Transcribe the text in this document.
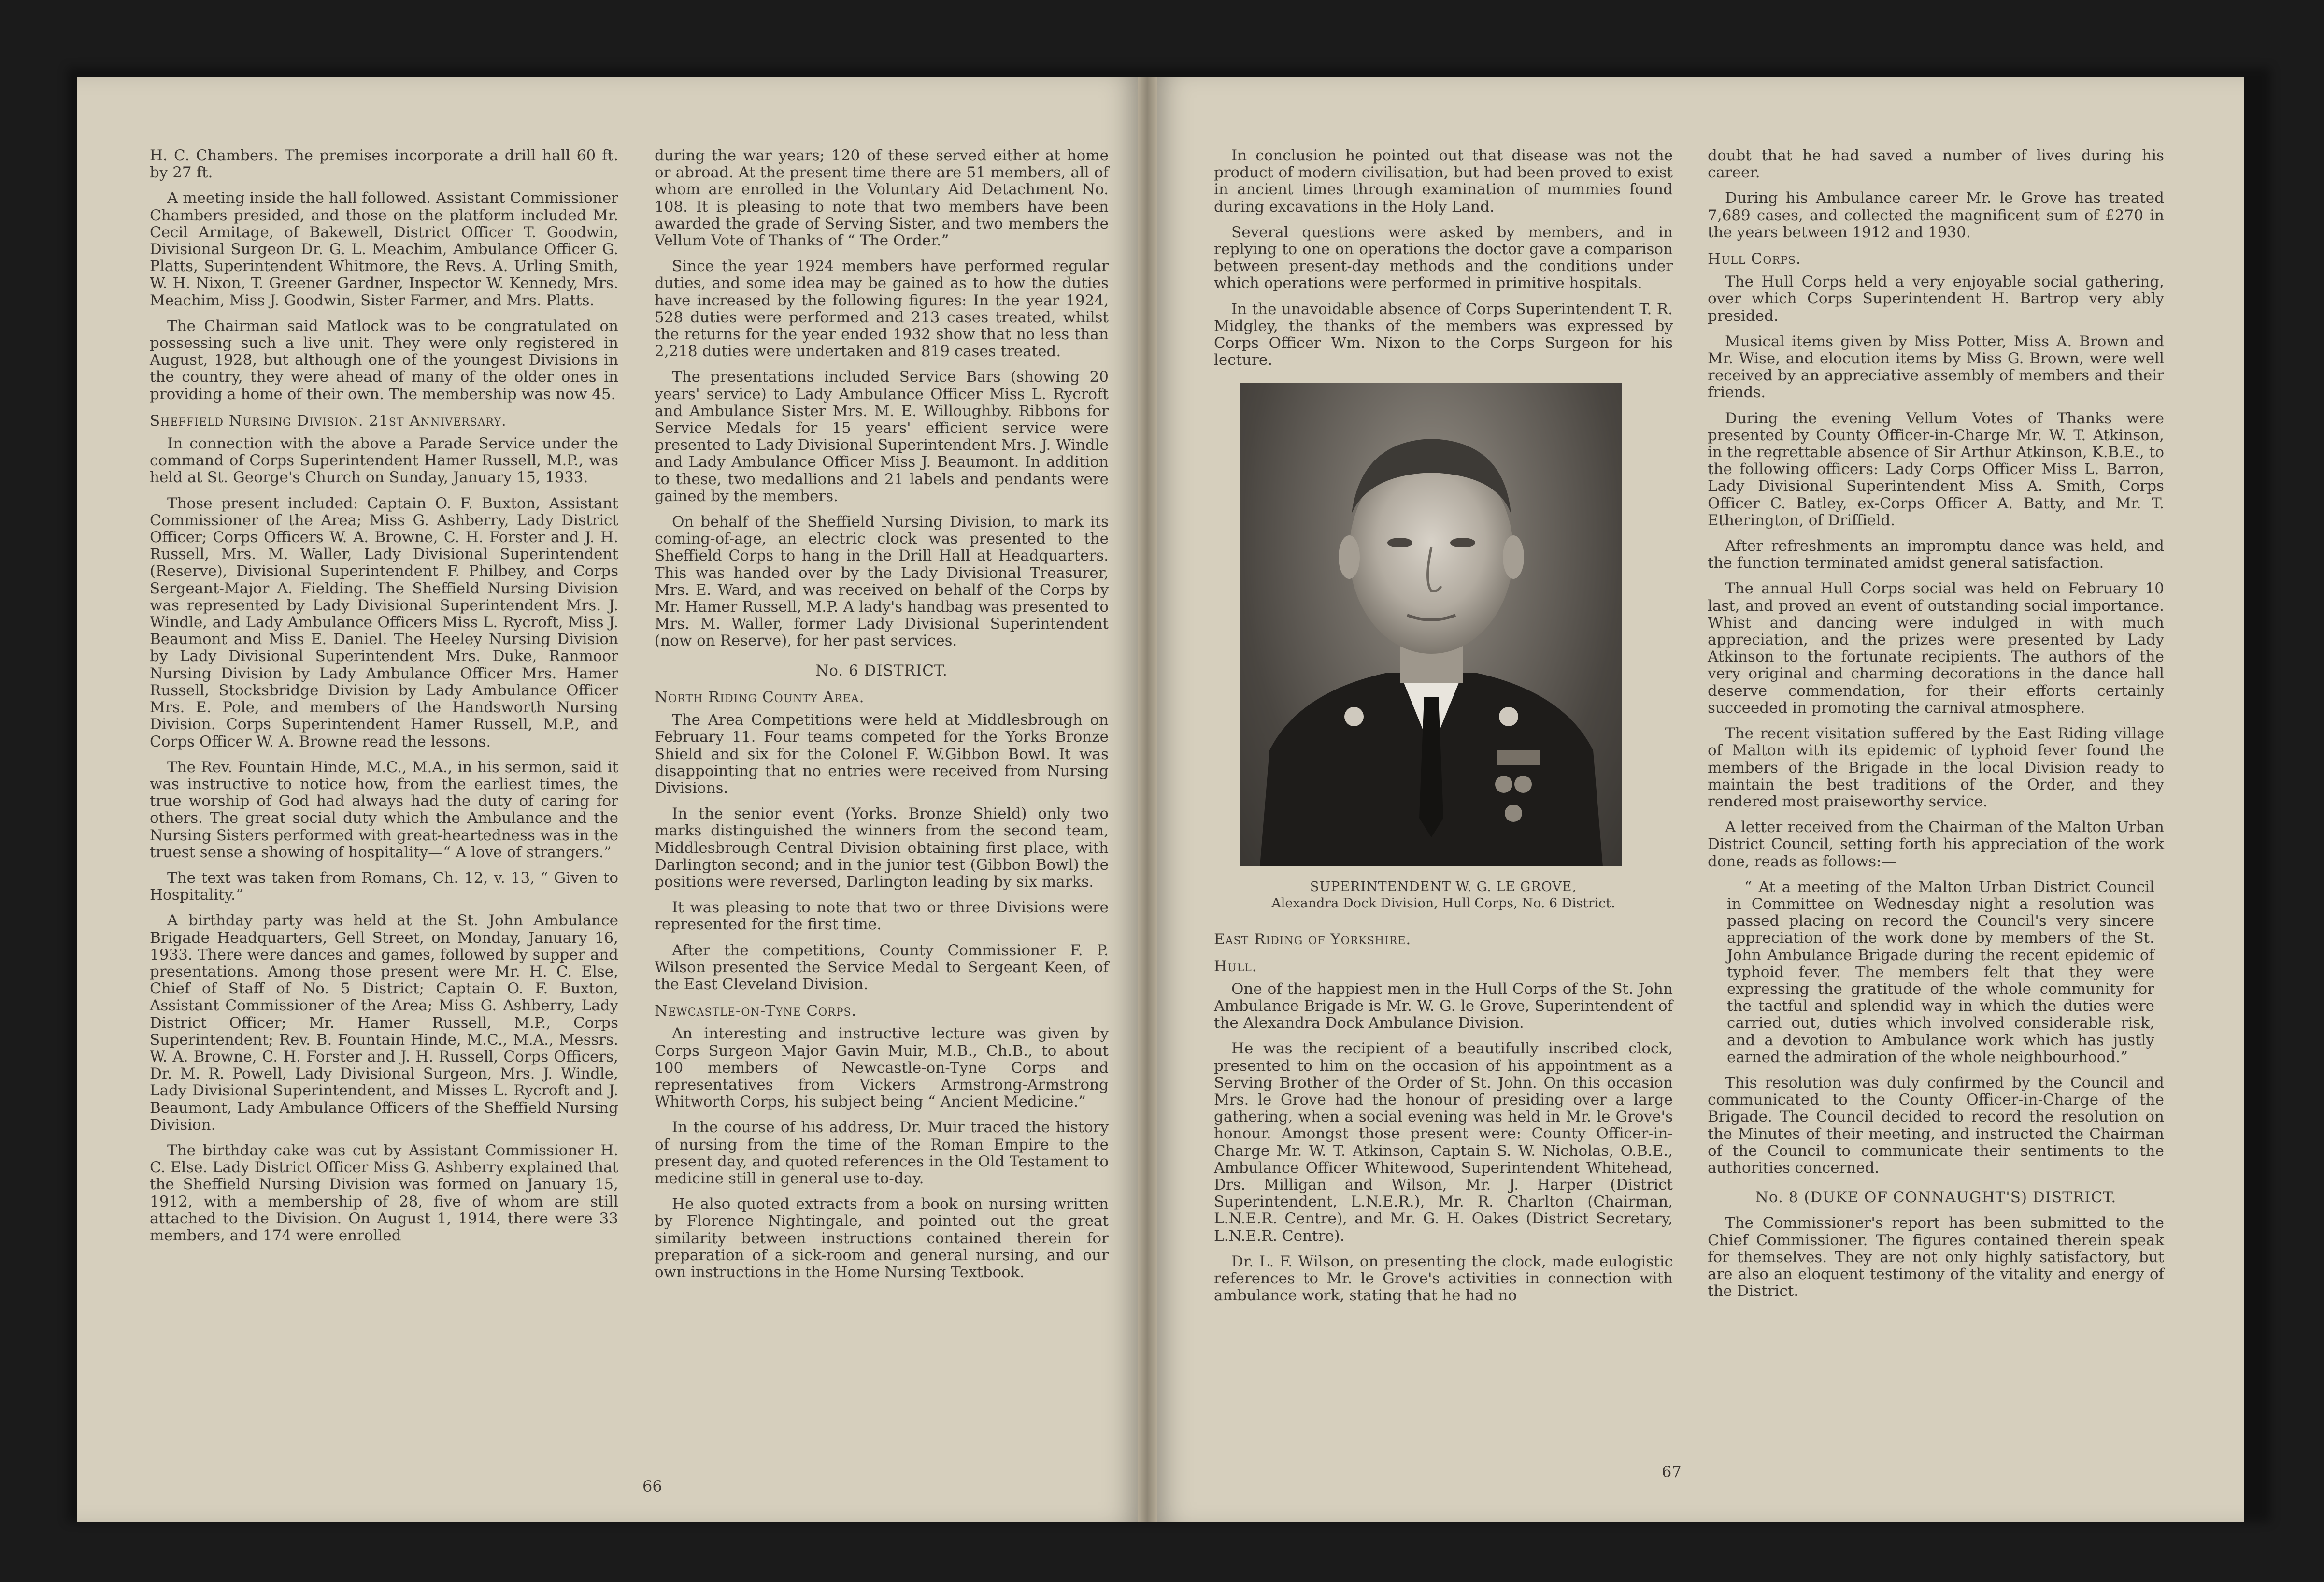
H. C. Chambers. The premises incorporate a drill hall 60 ft. by 27 ft.

A meeting inside the hall followed. Assistant Commissioner Chambers presided, and those on the platform included Mr. Cecil Armitage, of Bakewell, District Officer T. Goodwin, Divisional Surgeon Dr. G. L. Meachim, Ambulance Officer G. Platts, Superintendent Whitmore, the Revs. A. Urling Smith, W. H. Nixon, T. Greener Gardner, Inspector W. Kennedy, Mrs. Meachim, Miss J. Goodwin, Sister Farmer, and Mrs. Platts.

The Chairman said Matlock was to be congratulated on possessing such a live unit. They were only registered in August, 1928, but although one of the youngest Divisions in the country, they were ahead of many of the older ones in providing a home of their own. The membership was now 45.

Sheffield Nursing Division. 21st Anniversary.

In connection with the above a Parade Service under the command of Corps Superintendent Hamer Russell, M.P., was held at St. George's Church on Sunday, January 15, 1933.

Those present included: Captain O. F. Buxton, Assistant Commissioner of the Area; Miss G. Ashberry, Lady District Officer; Corps Officers W. A. Browne, C. H. Forster and J. H. Russell, Mrs. M. Waller, Lady Divisional Superintendent (Reserve), Divisional Superintendent F. Philbey, and Corps Sergeant-Major A. Fielding. The Sheffield Nursing Division was represented by Lady Divisional Superintendent Mrs. J. Windle, and Lady Ambulance Officers Miss L. Rycroft, Miss J. Beaumont and Miss E. Daniel. The Heeley Nursing Division by Lady Divisional Superintendent Mrs. Duke, Ranmoor Nursing Division by Lady Ambulance Officer Mrs. Hamer Russell, Stocksbridge Division by Lady Ambulance Officer Mrs. E. Pole, and members of the Handsworth Nursing Division. Corps Superintendent Hamer Russell, M.P., and Corps Officer W. A. Browne read the lessons.

The Rev. Fountain Hinde, M.C., M.A., in his sermon, said it was instructive to notice how, from the earliest times, the true worship of God had always had the duty of caring for others. The great social duty which the Ambulance and the Nursing Sisters performed with great-heartedness was in the truest sense a showing of hospitality—“ A love of strangers.”

The text was taken from Romans, Ch. 12, v. 13, “ Given to Hospitality.”

A birthday party was held at the St. John Ambulance Brigade Headquarters, Gell Street, on Monday, January 16, 1933. There were dances and games, followed by supper and presentations. Among those present were Mr. H. C. Else, Chief of Staff of No. 5 District; Captain O. F. Buxton, Assistant Commissioner of the Area; Miss G. Ashberry, Lady District Officer; Mr. Hamer Russell, M.P., Corps Superintendent; Rev. B. Fountain Hinde, M.C., M.A., Messrs. W. A. Browne, C. H. Forster and J. H. Russell, Corps Officers, Dr. M. R. Powell, Lady Divisional Surgeon, Mrs. J. Windle, Lady Divisional Superintendent, and Misses L. Rycroft and J. Beaumont, Lady Ambulance Officers of the Sheffield Nursing Division.

The birthday cake was cut by Assistant Commissioner H. C. Else. Lady District Officer Miss G. Ashberry explained that the Sheffield Nursing Division was formed on January 15, 1912, with a membership of 28, five of whom are still attached to the Division. On August 1, 1914, there were 33 members, and 174 were enrolled

during the war years; 120 of these served either at home or abroad. At the present time there are 51 members, all of whom are enrolled in the Voluntary Aid Detachment No. 108. It is pleasing to note that two members have been awarded the grade of Serving Sister, and two members the Vellum Vote of Thanks of “ The Order.”

Since the year 1924 members have performed regular duties, and some idea may be gained as to how the duties have increased by the following figures: In the year 1924, 528 duties were performed and 213 cases treated, whilst the returns for the year ended 1932 show that no less than 2,218 duties were undertaken and 819 cases treated.

The presentations included Service Bars (showing 20 years' service) to Lady Ambulance Officer Miss L. Rycroft and Ambulance Sister Mrs. M. E. Willoughby. Ribbons for Service Medals for 15 years' efficient service were presented to Lady Divisional Superintendent Mrs. J. Windle and Lady Ambulance Officer Miss J. Beaumont. In addition to these, two medallions and 21 labels and pendants were gained by the members.

On behalf of the Sheffield Nursing Division, to mark its coming-of-age, an electric clock was presented to the Sheffield Corps to hang in the Drill Hall at Headquarters. This was handed over by the Lady Divisional Treasurer, Mrs. E. Ward, and was received on behalf of the Corps by Mr. Hamer Russell, M.P. A lady's handbag was presented to Mrs. M. Waller, former Lady Divisional Superintendent (now on Reserve), for her past services.

No. 6 DISTRICT.

North Riding County Area.

The Area Competitions were held at Middlesbrough on February 11. Four teams competed for the Yorks Bronze Shield and six for the Colonel F. W.Gibbon Bowl. It was disappointing that no entries were received from Nursing Divisions.

In the senior event (Yorks. Bronze Shield) only two marks distinguished the winners from the second team, Middlesbrough Central Division obtaining first place, with Darlington second; and in the junior test (Gibbon Bowl) the positions were reversed, Darlington leading by six marks.

It was pleasing to note that two or three Divisions were represented for the first time.

After the competitions, County Commissioner F. P. Wilson presented the Service Medal to Sergeant Keen, of the East Cleveland Division.

Newcastle-on-Tyne Corps.

An interesting and instructive lecture was given by Corps Surgeon Major Gavin Muir, M.B., Ch.B., to about 100 members of Newcastle-on-Tyne Corps and representatives from Vickers Armstrong-Armstrong Whitworth Corps, his subject being “ Ancient Medicine.”

In the course of his address, Dr. Muir traced the history of nursing from the time of the Roman Empire to the present day, and quoted references in the Old Testament to medicine still in general use to-day.

He also quoted extracts from a book on nursing written by Florence Nightingale, and pointed out the great similarity between instructions contained therein for preparation of a sick-room and general nursing, and our own instructions in the Home Nursing Textbook.

66

In conclusion he pointed out that disease was not the product of modern civilisation, but had been proved to exist in ancient times through examination of mummies found during excavations in the Holy Land.

Several questions were asked by members, and in replying to one on operations the doctor gave a comparison between present-day methods and the conditions under which operations were performed in primitive hospitals.

In the unavoidable absence of Corps Superintendent T. R. Midgley, the thanks of the members was expressed by Corps Officer Wm. Nixon to the Corps Surgeon for his lecture.

SUPERINTENDENT W. G. LE GROVE,
Alexandra Dock Division, Hull Corps, No. 6 District.

East Riding of Yorkshire.

Hull.

One of the happiest men in the Hull Corps of the St. John Ambulance Brigade is Mr. W. G. le Grove, Superintendent of the Alexandra Dock Ambulance Division.

He was the recipient of a beautifully inscribed clock, presented to him on the occasion of his appointment as a Serving Brother of the Order of St. John. On this occasion Mrs. le Grove had the honour of presiding over a large gathering, when a social evening was held in Mr. le Grove's honour. Amongst those present were: County Officer-in-Charge Mr. W. T. Atkinson, Captain S. W. Nicholas, O.B.E., Ambulance Officer Whitewood, Superintendent Whitehead, Drs. Milligan and Wilson, Mr. J. Harper (District Superintendent, L.N.E.R.), Mr. R. Charlton (Chairman, L.N.E.R. Centre), and Mr. G. H. Oakes (District Secretary, L.N.E.R. Centre).

Dr. L. F. Wilson, on presenting the clock, made eulogistic references to Mr. le Grove's activities in connection with ambulance work, stating that he had no

doubt that he had saved a number of lives during his career.

During his Ambulance career Mr. le Grove has treated 7,689 cases, and collected the magnificent sum of £270 in the years between 1912 and 1930.

Hull Corps.

The Hull Corps held a very enjoyable social gathering, over which Corps Superintendent H. Bartrop very ably presided.

Musical items given by Miss Potter, Miss A. Brown and Mr. Wise, and elocution items by Miss G. Brown, were well received by an appreciative assembly of members and their friends.

During the evening Vellum Votes of Thanks were presented by County Officer-in-Charge Mr. W. T. Atkinson, in the regrettable absence of Sir Arthur Atkinson, K.B.E., to the following officers: Lady Corps Officer Miss L. Barron, Lady Divisional Superintendent Miss A. Smith, Corps Officer C. Batley, ex-Corps Officer A. Batty, and Mr. T. Etherington, of Driffield.

After refreshments an impromptu dance was held, and the function terminated amidst general satisfaction.

The annual Hull Corps social was held on February 10 last, and proved an event of outstanding social importance. Whist and dancing were indulged in with much appreciation, and the prizes were presented by Lady Atkinson to the fortunate recipients. The authors of the very original and charming decorations in the dance hall deserve commendation, for their efforts certainly succeeded in promoting the carnival atmosphere.

The recent visitation suffered by the East Riding village of Malton with its epidemic of typhoid fever found the members of the Brigade in the local Division ready to maintain the best traditions of the Order, and they rendered most praiseworthy service.

A letter received from the Chairman of the Malton Urban District Council, setting forth his appreciation of the work done, reads as follows:—

“ At a meeting of the Malton Urban District Council in Committee on Wednesday night a resolution was passed placing on record the Council's very sincere appreciation of the work done by members of the St. John Ambulance Brigade during the recent epidemic of typhoid fever. The members felt that they were expressing the gratitude of the whole community for the tactful and splendid way in which the duties were carried out, duties which involved considerable risk, and a devotion to Ambulance work which has justly earned the admiration of the whole neighbourhood.”

This resolution was duly confirmed by the Council and communicated to the County Officer-in-Charge of the Brigade. The Council decided to record the resolution on the Minutes of their meeting, and instructed the Chairman of the Council to communicate their sentiments to the authorities concerned.

No. 8 (DUKE OF CONNAUGHT'S) DISTRICT.

The Commissioner's report has been submitted to the Chief Commissioner. The figures contained therein speak for themselves. They are not only highly satisfactory, but are also an eloquent testimony of the vitality and energy of the District.

67
